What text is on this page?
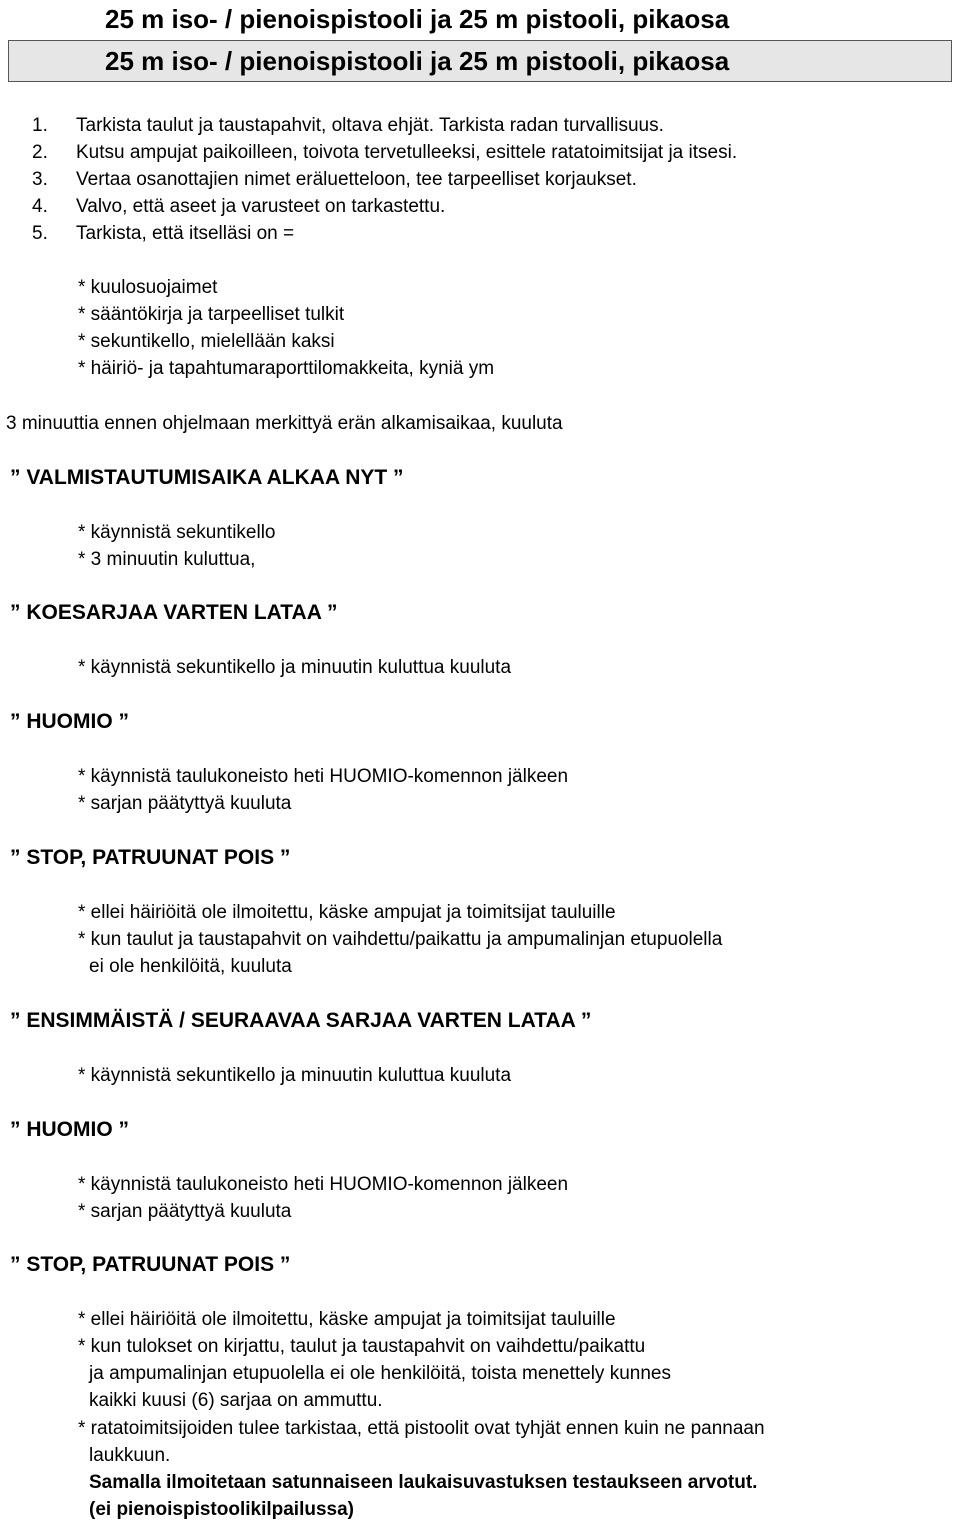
25 m iso- / pienoispistooli ja 25 m pistooli, pikaosa
25 m iso- / pienoispistooli ja 25 m pistooli, pikaosa
1. Tarkista taulut ja taustapahvit, oltava ehjät. Tarkista radan turvallisuus.
2. Kutsu ampujat paikoilleen, toivota tervetulleeksi, esittele ratatoimitsijat ja itsesi.
3. Vertaa osanottajien nimet eräluetteloon, tee tarpeelliset korjaukset.
4. Valvo, että aseet ja varusteet on tarkastettu.
5. Tarkista, että itselläsi on =
* kuulosuojaimet
* sääntökirja ja tarpeelliset tulkit
* sekuntikello, mielellään kaksi
* häiriö- ja tapahtumaraporttilomakkeita, kyniä ym
3 minuuttia ennen ohjelmaan merkittyä erän alkamisaikaa, kuuluta
” VALMISTAUTUMISAIKA ALKAA NYT ”
* käynnistä sekuntikello
* 3 minuutin kuluttua,
” KOESARJAA VARTEN LATAA ”
* käynnistä sekuntikello ja minuutin kuluttua kuuluta
” HUOMIO ”
* käynnistä taulukoneisto heti HUOMIO-komennon jälkeen
* sarjan päätyttyä kuuluta
” STOP, PATRUUNAT POIS ”
* ellei häiriöitä ole ilmoitettu, käske ampujat ja toimitsijat tauluille
* kun taulut ja taustapahvit on vaihdettu/paikattu ja ampumalinjan etupuolella
ei ole henkilöitä, kuuluta
” ENSIMMÄISTÄ / SEURAAVAA SARJAA VARTEN LATAA ”
* käynnistä sekuntikello ja minuutin kuluttua kuuluta
” HUOMIO ”
* käynnistä taulukoneisto heti HUOMIO-komennon jälkeen
* sarjan päätyttyä kuuluta
” STOP, PATRUUNAT POIS ”
* ellei häiriöitä ole ilmoitettu, käske ampujat ja toimitsijat tauluille
* kun tulokset on kirjattu, taulut ja taustapahvit on vaihdettu/paikattu
ja ampumalinjan etupuolella ei ole henkilöitä, toista menettely kunnes
kaikki kuusi (6) sarjaa on ammuttu.
* ratatoimitsijoiden tulee tarkistaa, että pistoolit ovat tyhjät ennen kuin ne pannaan
laukkuun.
Samalla ilmoitetaan satunnaiseen laukaisuvastuksen testaukseen arvotut.
(ei pienoispistoolikilpailussa)
